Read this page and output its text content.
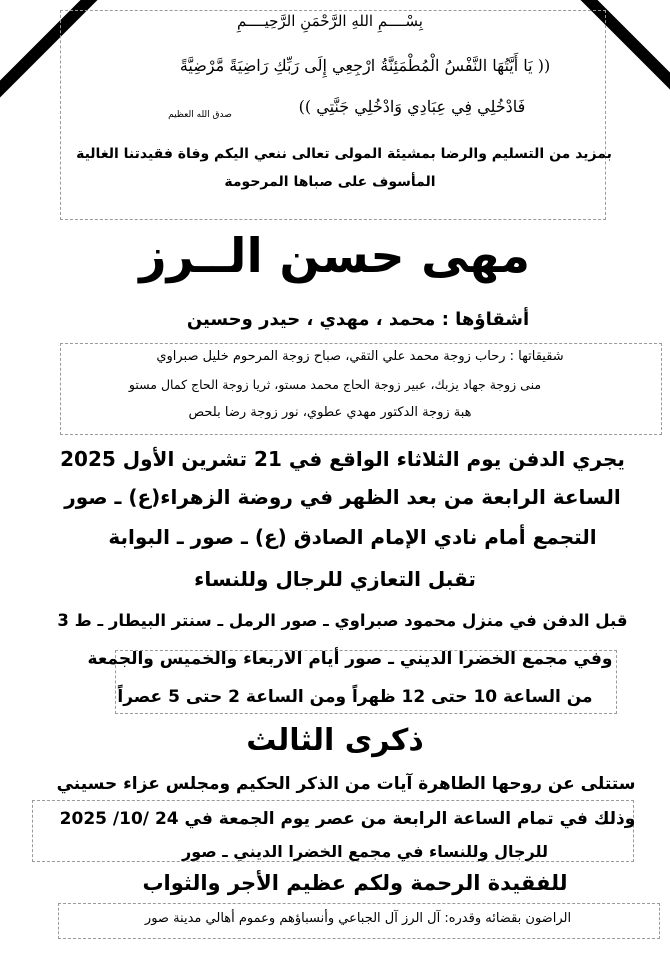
بِسْــــمِ اللهِ الرَّحْمَنِ الرَّحِيــــمِ
(( يَا أَيَّتُهَا النَّفْسُ الْمُطْمَئِنَّةُ ارْجِعِي إِلَى رَبِّكِ رَاضِيَةً مَّرْضِيَّةً
فَادْخُلِي فِي عِبَادِي وَادْخُلِي جَنَّتِي ))
صدق الله العظيم
بمزيد من التسليم والرضا بمشيئة المولى تعالى ننعي اليكم وفاة فقيدتنا الغالية
المأسوف على صباها المرحومة
مهى حسن الــرز
أشقاؤها : محمد ، مهدي ، حيدر وحسين
شقيقاتها : رحاب زوجة محمد علي التقي، صباح زوجة المرحوم خليل صبراوي
منى زوجة جهاد يزبك، عبير زوجة الحاج محمد مستو، ثريا زوجة الحاج كمال مستو
هبة زوجة الدكتور مهدي عطوي، نور زوجة رضا بلحص
يجري الدفن يوم الثلاثاء الواقع في 21 تشرين الأول 2025
الساعة الرابعة من بعد الظهر في روضة الزهراء(ع) ـ صور
التجمع أمام نادي الإمام الصادق (ع) ـ صور ـ البوابة
تقبل التعازي للرجال وللنساء
قبل الدفن في منزل محمود صبراوي ـ صور الرمل ـ سنتر البيطار ـ ط 3
وفي مجمع الخضرا الديني ـ صور أيام الاربعاء والخميس والجمعة
من الساعة 10 حتى 12 ظهراً ومن الساعة 2 حتى 5 عصراً
ذكرى الثالث
ستتلى عن روحها الطاهرة آيات من الذكر الحكيم ومجلس عزاء حسيني
وذلك في تمام الساعة الرابعة من عصر يوم الجمعة في 24 /10/ 2025
للرجال وللنساء في مجمع الخضرا الديني ـ صور
للفقيدة الرحمة ولكم عظيم الأجر والثواب
الراضون بقضائه وقدره: آل الرز آل الجباعي وأنسباؤهم وعموم أهالي مدينة صور
